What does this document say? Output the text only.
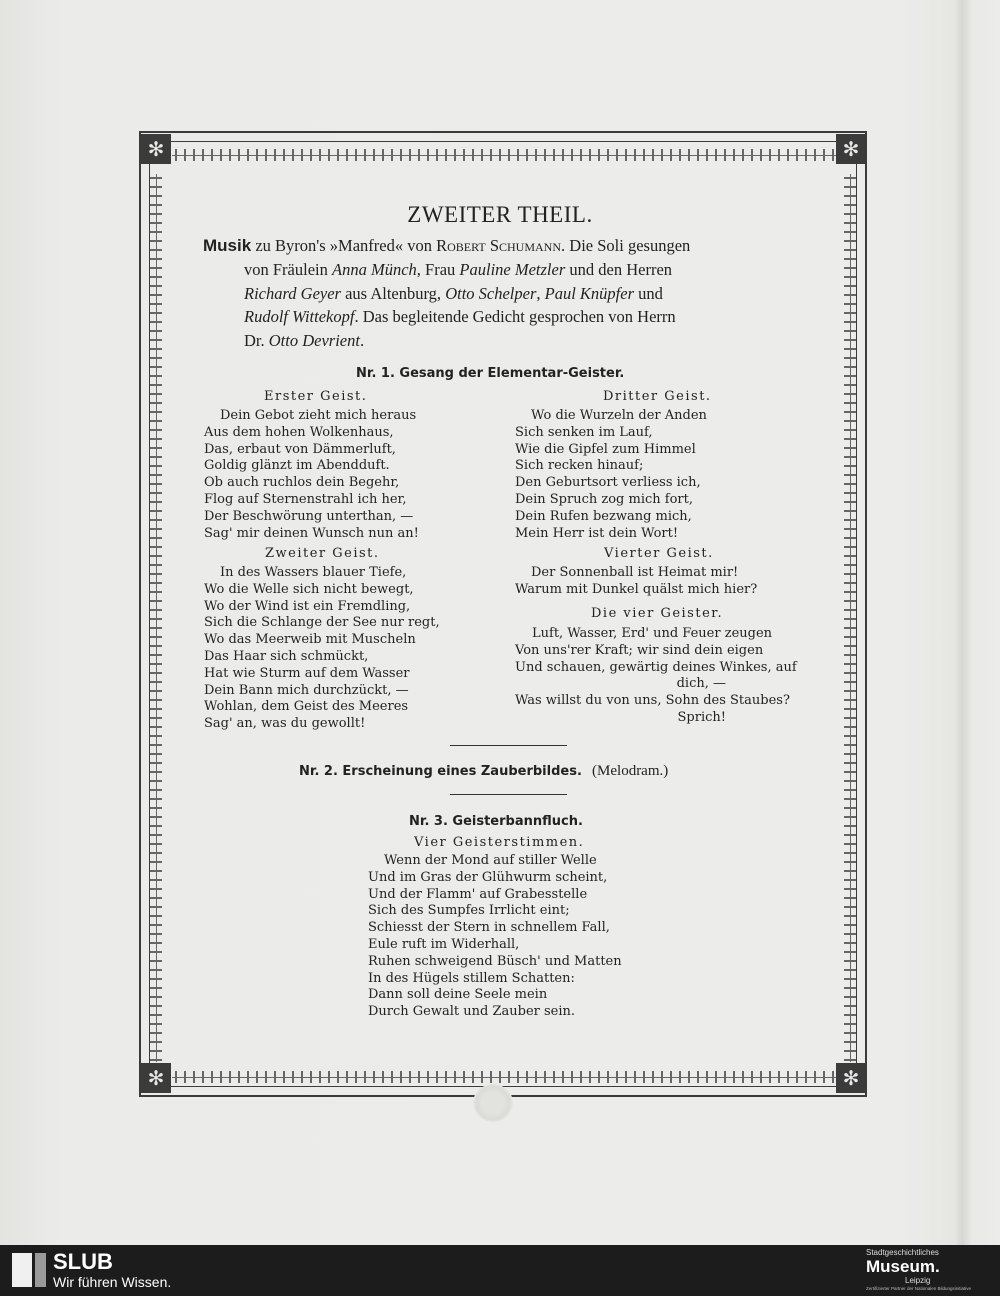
✻
✻
✻
✻
ZWEITER THEIL.
Musik zu Byron's »Manfred« von Robert Schumann. Die Soli gesungen
von Fräulein Anna Münch, Frau Pauline Metzler und den Herren
Richard Geyer aus Altenburg, Otto Schelper, Paul Knüpfer und
Rudolf Wittekopf. Das begleitende Gedicht gesprochen von Herrn
Dr. Otto Devrient.
Nr. 1. Gesang der Elementar-Geister.
Erster Geist.
Dein Gebot zieht mich heraus
Aus dem hohen Wolkenhaus,
Das, erbaut von Dämmerluft,
Goldig glänzt im Abendduft.
Ob auch ruchlos dein Begehr,
Flog auf Sternenstrahl ich her,
Der Beschwörung unterthan, —
Sag' mir deinen Wunsch nun an!
Zweiter Geist.
In des Wassers blauer Tiefe,
Wo die Welle sich nicht bewegt,
Wo der Wind ist ein Fremdling,
Sich die Schlange der See nur regt,
Wo das Meerweib mit Muscheln
Das Haar sich schmückt,
Hat wie Sturm auf dem Wasser
Dein Bann mich durchzückt, —
Wohlan, dem Geist des Meeres
Sag' an, was du gewollt!
Dritter Geist.
Wo die Wurzeln der Anden
Sich senken im Lauf,
Wie die Gipfel zum Himmel
Sich recken hinauf;
Den Geburtsort verliess ich,
Dein Spruch zog mich fort,
Dein Rufen bezwang mich,
Mein Herr ist dein Wort!
Vierter Geist.
Der Sonnenball ist Heimat mir!
Warum mit Dunkel quälst mich hier?
Die vier Geister.
Luft, Wasser, Erd' und Feuer zeugen
Von uns'rer Kraft; wir sind dein eigen
Und schauen, gewärtig deines Winkes, auf
dich, —
Was willst du von uns, Sohn des Staubes?
Sprich!
Nr. 2. Erscheinung eines Zauberbildes. (Melodram.)
Nr. 3. Geisterbannfluch.
Vier Geisterstimmen.
Wenn der Mond auf stiller Welle
Und im Gras der Glühwurm scheint,
Und der Flamm' auf Grabesstelle
Sich des Sumpfes Irrlicht eint;
Schiesst der Stern in schnellem Fall,
Eule ruft im Widerhall,
Ruhen schweigend Büsch' und Matten
In des Hügels stillem Schatten:
Dann soll deine Seele mein
Durch Gewalt und Zauber sein.
SLUB
Wir führen Wissen.
Stadtgeschichtliches
Museum.
Leipzig
Zertifizierter Partner der Nationalen Bildungsinitiative
